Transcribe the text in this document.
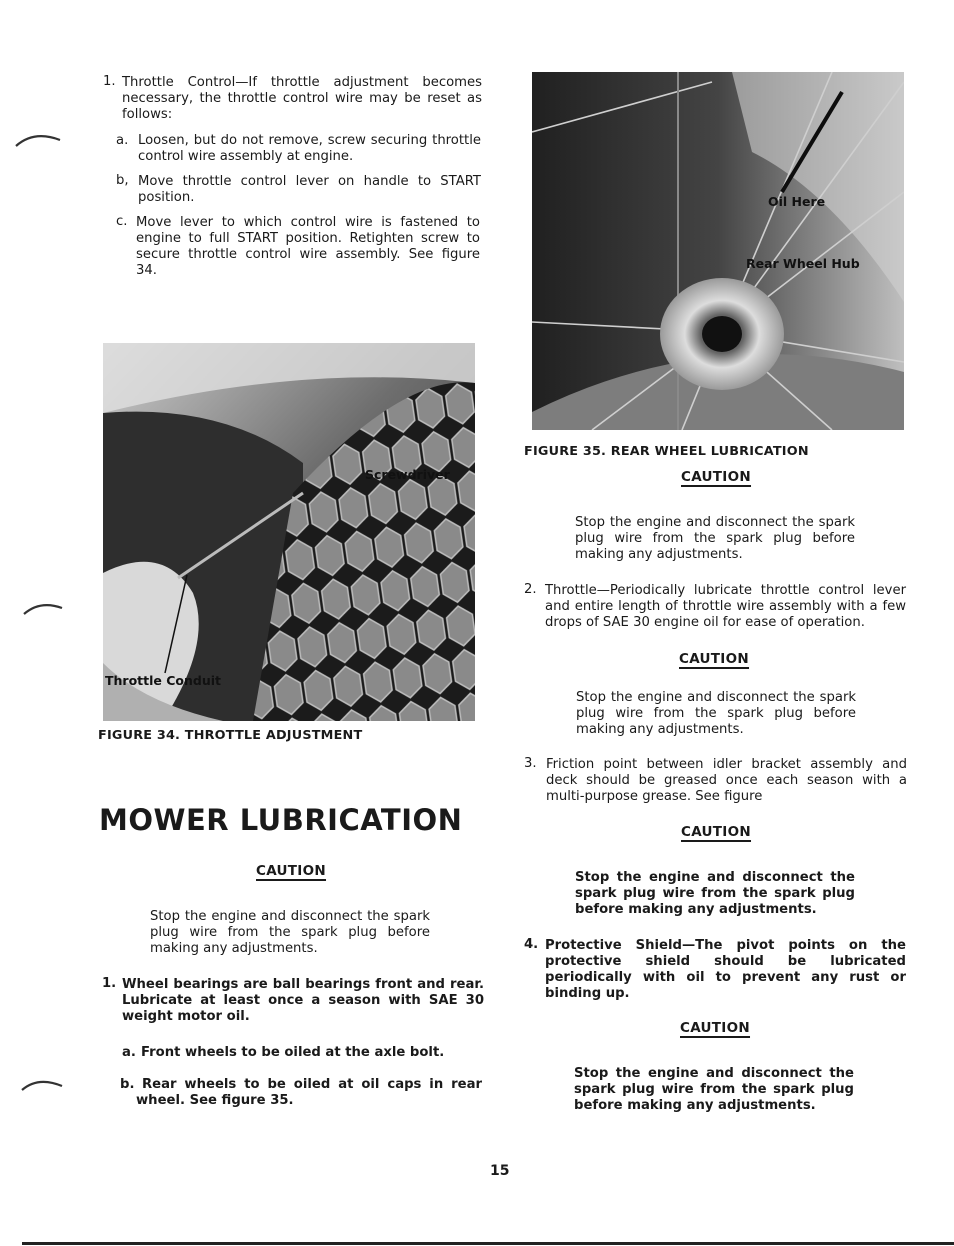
1. Throttle Control—If throttle adjustment becomes necessary, the throttle control wire may be reset as follows:

a. Loosen, but do not remove, screw securing throttle control wire assembly at engine.

b, Move throttle control lever on handle to START position.

c. Move lever to which control wire is fastened to engine to full START position. Retighten screw to secure throttle control wire assembly. See figure 34.

Screwdriver
Throttle Conduit
FIGURE 34. THROTTLE ADJUSTMENT
MOWER LUBRICATION
CAUTION

Stop the engine and disconnect the spark plug wire from the spark plug before making any adjustments.

1. Wheel bearings are ball bearings front and rear. Lubricate at least once a season with SAE 30 weight motor oil.

a. Front wheels to be oiled at the axle bolt.

b. Rear wheels to be oiled at oil caps in rear wheel. See figure 35.

Oil Here
Rear Wheel Hub
FIGURE 35. REAR WHEEL LUBRICATION
CAUTION

Stop the engine and disconnect the spark plug wire from the spark plug before making any adjustments.

2. Throttle—Periodically lubricate throttle control lever and entire length of throttle wire assembly with a few drops of SAE 30 engine oil for ease of operation.

CAUTION

Stop the engine and disconnect the spark plug wire from the spark plug before making any adjustments.

3. Friction point between idler bracket assembly and deck should be greased once each season with a multi-purpose grease. See figure

CAUTION

Stop the engine and disconnect the spark plug wire from the spark plug before making any adjustments.

4. Protective Shield—The pivot points on the protective shield should be lubricated periodically with oil to prevent any rust or binding up.

CAUTION

Stop the engine and disconnect the spark plug wire from the spark plug before making any adjustments.

15
